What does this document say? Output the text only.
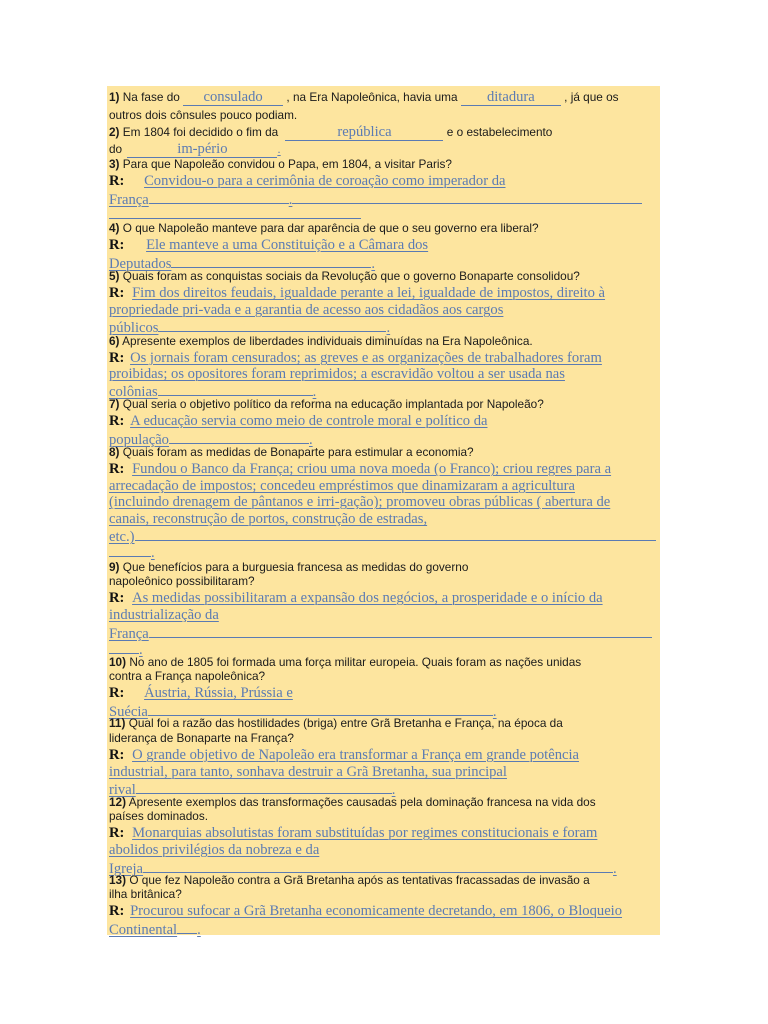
1) Na fase do consulado , na Era Napoleônica, havia uma ditadura , já que os
outros dois cônsules pouco podiam.
2) Em 1804 foi decidido o fim da	república	e o estabelecimento
do	im-pério	.
3) Para que Napoleão convidou o Papa, em 1804, a visitar Paris?
R: Convidou-o para a cerimônia de coroação como imperador da
França	.
4) O que Napoleão manteve para dar aparência de que o seu governo era liberal?
R: Ele manteve a uma Constituição e a Câmara dos
Deputados	.
5) Quais foram as conquistas sociais da Revolução que o governo Bonaparte consolidou?
R: Fim dos direitos feudais, igualdade perante a lei, igualdade de impostos, direito à
propriedade pri-vada e a garantia de acesso aos cidadãos aos cargos
públicos	.
6) Apresente exemplos de liberdades individuais diminuídas na Era Napoleônica.
R: Os jornais foram censurados; as greves e as organizações de trabalhadores foram
proibidas; os opositores foram reprimidos; a escravidão voltou a ser usada nas
colônias	.
7) Qual seria o objetivo político da reforma na educação implantada por Napoleão?
R: A educação servia como meio de controle moral e político da
população	.
8) Quais foram as medidas de Bonaparte para estimular a economia?
R: Fundou o Banco da França; criou uma nova moeda (o Franco); criou regres para a
arrecadação de impostos; concedeu empréstimos que dinamizaram a agricultura
(incluindo drenagem de pântanos e irri-gação); promoveu obras públicas ( abertura de
canais, reconstrução de portos, construção de estradas,
etc.)
.
9) Que benefícios para a burguesia francesa as medidas do governo
napoleônico possibilitaram?
R: As medidas possibilitaram a expansão dos negócios, a prosperidade e o início da
industrialização da
França
.
10) No ano de 1805 foi formada uma força militar europeia. Quais foram as nações unidas
contra a França napoleônica?
R: Áustria, Rússia, Prússia e
Suécia	.
11) Qual foi a razão das hostilidades (briga) entre Grã Bretanha e França, na época da
liderança de Bonaparte na França?
R: O grande objetivo de Napoleão era transformar a França em grande potência
industrial, para tanto, sonhava destruir a Grã Bretanha, sua principal
rival	.
12) Apresente exemplos das transformações causadas pela dominação francesa na vida dos
países dominados.
R: Monarquias absolutistas foram substituídas por regimes constitucionais e foram
abolidos privilégios da nobreza e da
Igreja	.
13) O que fez Napoleão contra a Grã Bretanha após as tentativas fracassadas de invasão a
ilha britânica?
R: Procurou sufocar a Grã Bretanha economicamente decretando, em 1806, o Bloqueio
Continental .
